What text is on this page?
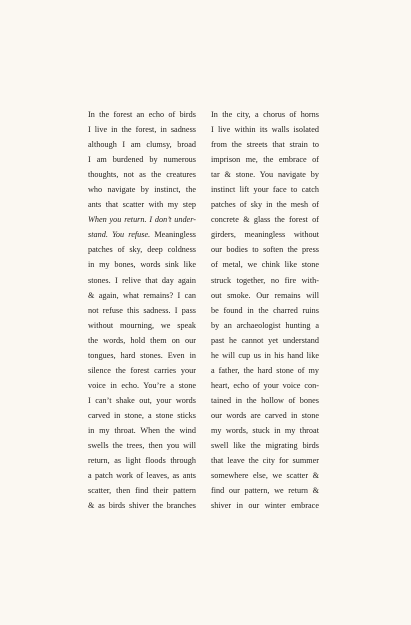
In the forest an echo of birds
I live in the forest, in sadness
although I am clumsy, broad
I am burdened by numerous
thoughts, not as the creatures
who navigate by instinct, the
ants that scatter with my step
When you return. I don’t under-
stand. You refuse. Meaningless
patches of sky, deep coldness
in my bones, words sink like
stones. I relive that day again
& again, what remains? I can
not refuse this sadness. I pass
without mourning, we speak
the words, hold them on our
tongues, hard stones. Even in
silence the forest carries your
voice in echo. You’re a stone
I can’t shake out, your words
carved in stone, a stone sticks
in my throat. When the wind
swells the trees, then you will
return, as light floods through
a patch work of leaves, as ants
scatter, then find their pattern
& as birds shiver the branches
In the city, a chorus of horns
I live within its walls isolated
from the streets that strain to
imprison me, the embrace of
tar & stone. You navigate by
instinct lift your face to catch
patches of sky in the mesh of
concrete & glass the forest of
girders, meaningless without
our bodies to soften the press
of metal, we chink like stone
struck together, no fire with-
out smoke. Our remains will
be found in the charred ruins
by an archaeologist hunting a
past he cannot yet understand
he will cup us in his hand like
a father, the hard stone of my
heart, echo of your voice con-
tained in the hollow of bones
our words are carved in stone
my words, stuck in my throat
swell like the migrating birds
that leave the city for summer
somewhere else, we scatter &
find our pattern, we return &
shiver in our winter embrace
